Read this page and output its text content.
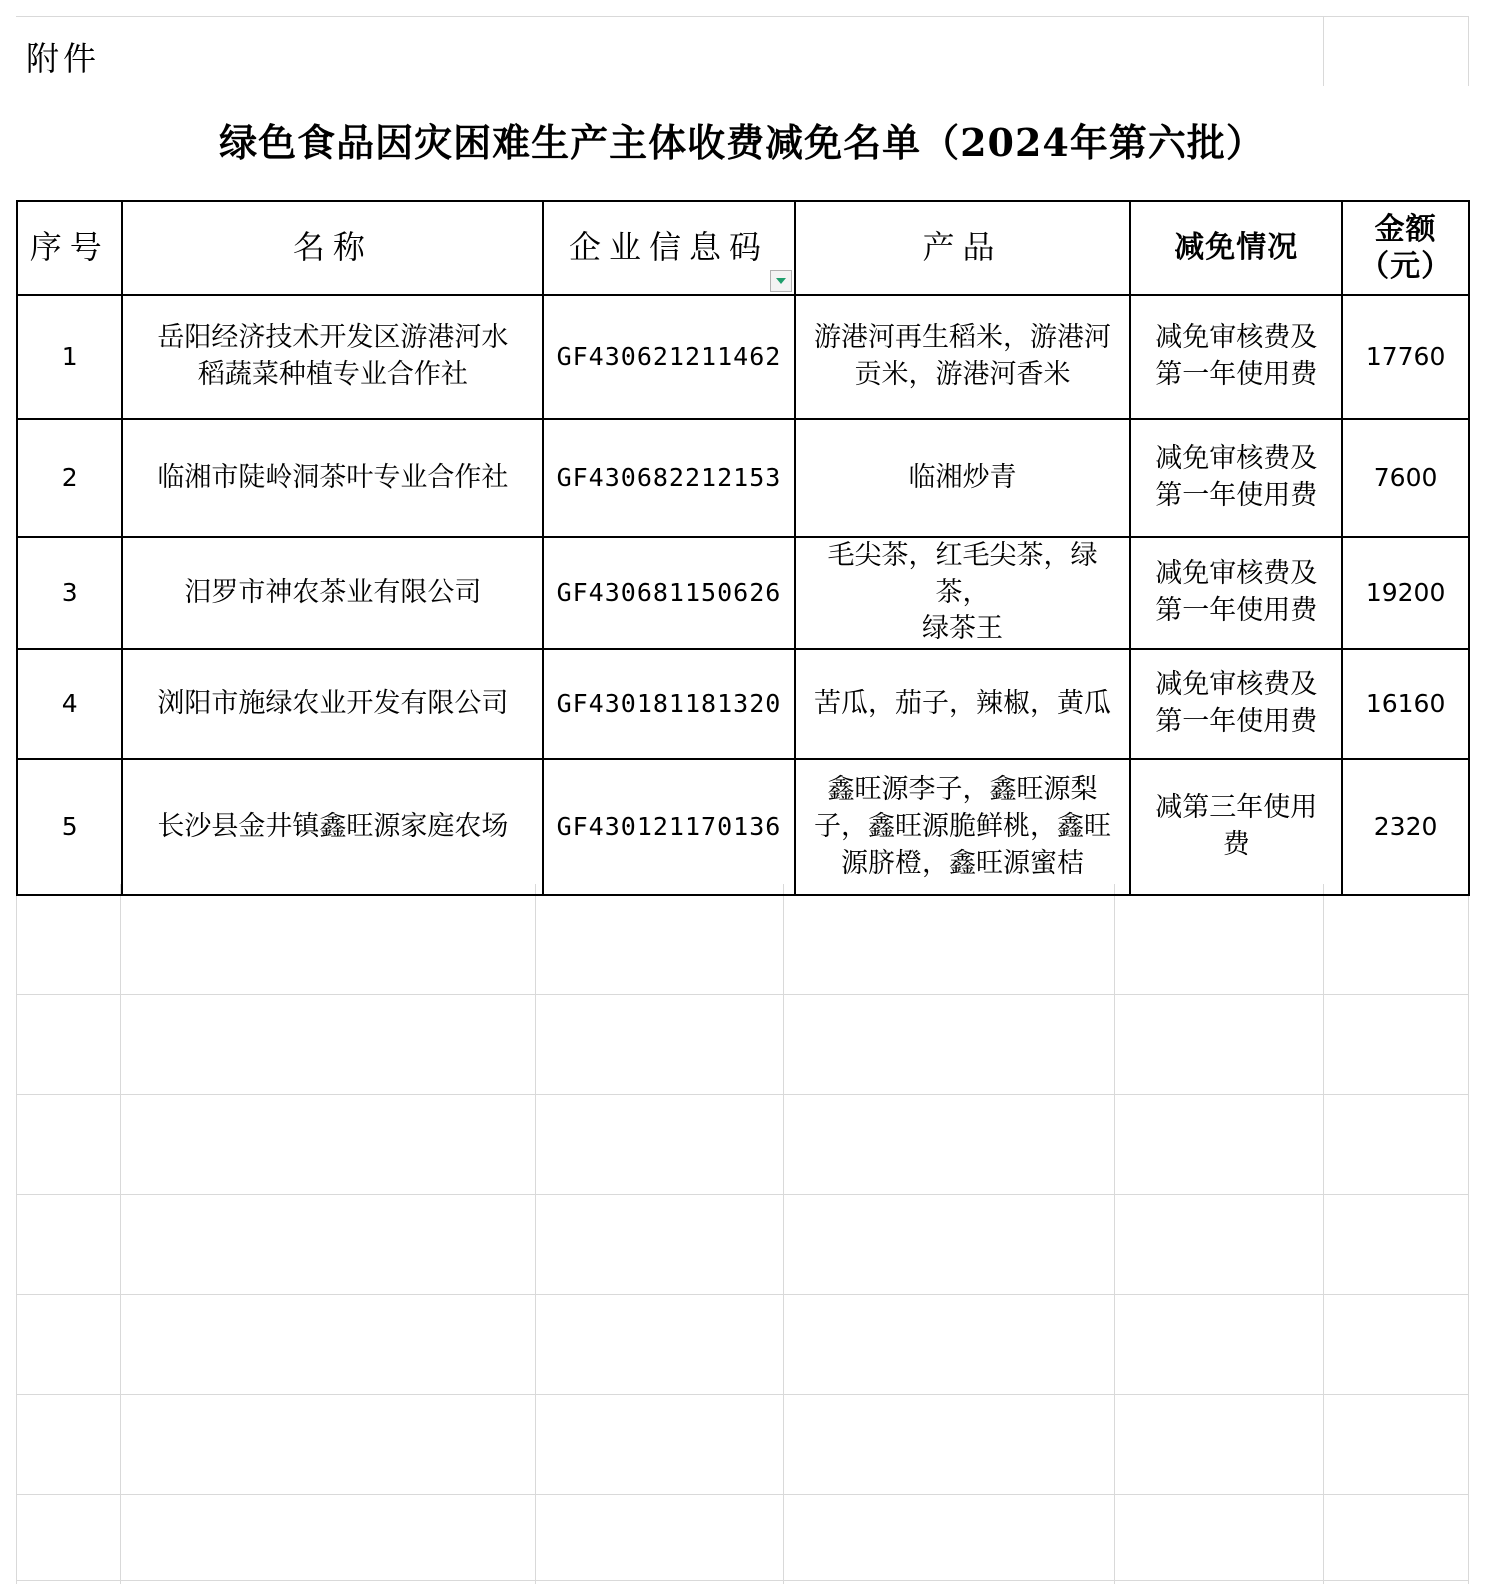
附件
绿色食品因灾困难生产主体收费减免名单（2024年第六批）
序号	名称	企业信息码	产品	减免情况	金额
（元）

1	岳阳经济技术开发区游港河水
稻蔬菜种植专业合作社	GF430621211462	游港河再生稻米，游港河
贡米，游港河香米	减免审核费及
第一年使用费	17760
2	临湘市陡岭洞茶叶专业合作社	GF430682212153	临湘炒青	减免审核费及
第一年使用费	7600
3	汨罗市神农茶业有限公司	GF430681150626	毛尖茶，红毛尖茶，绿茶，
绿茶王	减免审核费及
第一年使用费	19200
4	浏阳市施绿农业开发有限公司	GF430181181320	苦瓜，茄子，辣椒，黄瓜	减免审核费及
第一年使用费	16160
5	长沙县金井镇鑫旺源家庭农场	GF430121170136	鑫旺源李子，鑫旺源梨
子，鑫旺源脆鲜桃，鑫旺
源脐橙，鑫旺源蜜桔	减第三年使用
费	2320
